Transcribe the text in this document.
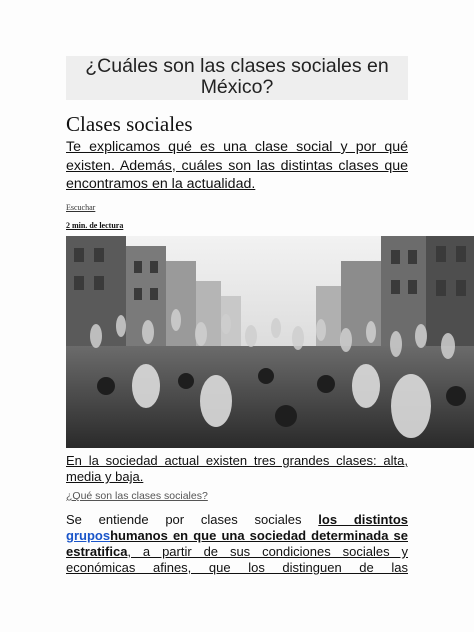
¿Cuáles son las clases sociales en México?
Clases sociales
Te explicamos qué es una clase social y por qué existen. Además, cuáles son las distintas clases que encontramos en la actualidad.
Escuchar
2 min. de lectura
En la sociedad actual existen tres grandes clases: alta, media y baja.
¿Qué son las clases sociales?
Se entiende por clases sociales los distintos gruposhumanos en que una sociedad determinada se estratifica, a partir de sus condiciones sociales y económicas afines, que los distinguen de las
